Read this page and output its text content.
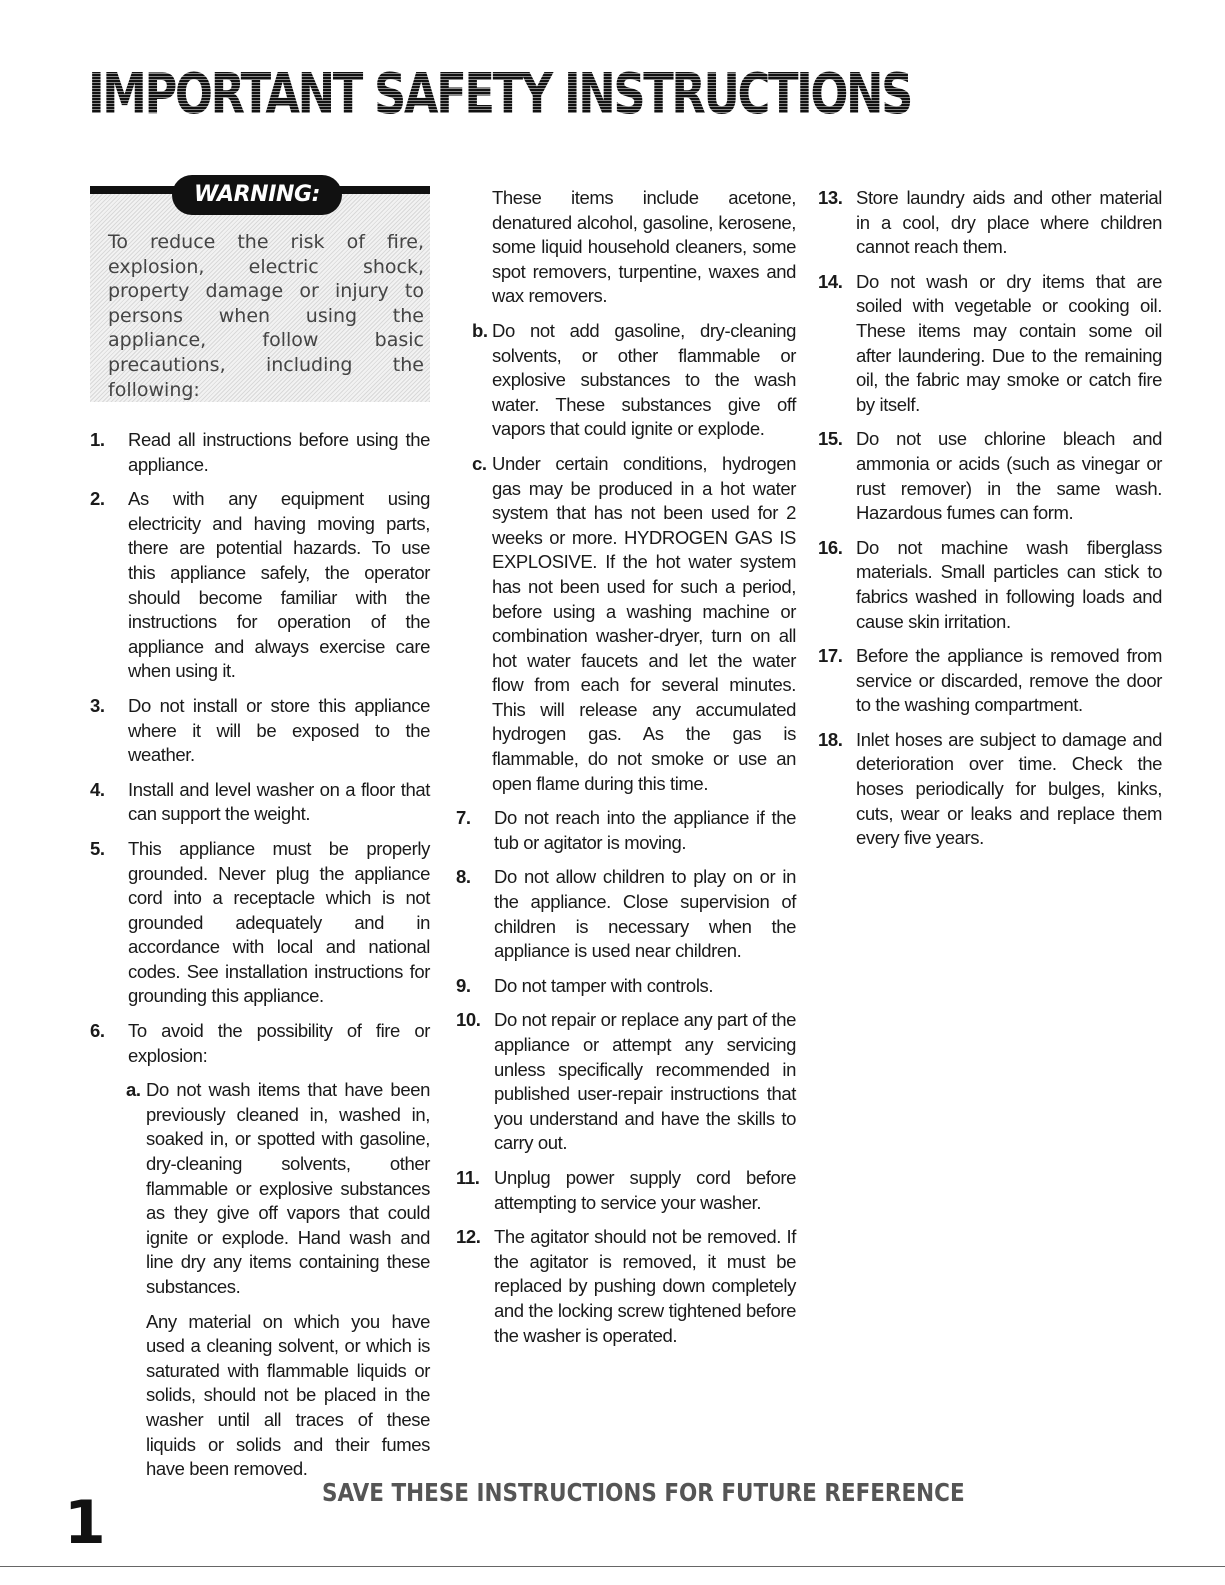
IMPORTANT SAFETY INSTRUCTIONS
WARNING:
To reduce the risk of fire, explosion, electric shock, property damage or injury to persons when using the appliance, follow basic precautions, including the following:
1. Read all instructions before using the appliance.
2. As with any equipment using electricity and having moving parts, there are potential hazards. To use this appliance safely, the operator should become familiar with the instructions for operation of the appliance and always exercise care when using it.
3. Do not install or store this appliance where it will be exposed to the weather.
4. Install and level washer on a floor that can support the weight.
5. This appliance must be properly grounded. Never plug the appliance cord into a receptacle which is not grounded adequately and in accordance with local and national codes. See installation instructions for grounding this appliance.
6. To avoid the possibility of fire or explosion:
a. Do not wash items that have been previously cleaned in, washed in, soaked in, or spotted with gasoline, dry-cleaning solvents, other flammable or explosive substances as they give off vapors that could ignite or explode. Hand wash and line dry any items containing these substances.
Any material on which you have used a cleaning solvent, or which is saturated with flammable liquids or solids, should not be placed in the washer until all traces of these liquids or solids and their fumes have been removed.
These items include acetone, denatured alcohol, gasoline, kerosene, some liquid household cleaners, some spot removers, turpentine, waxes and wax removers.
b. Do not add gasoline, dry-cleaning solvents, or other flammable or explosive substances to the wash water. These substances give off vapors that could ignite or explode.
c. Under certain conditions, hydrogen gas may be produced in a hot water system that has not been used for 2 weeks or more. HYDROGEN GAS IS EXPLOSIVE. If the hot water system has not been used for such a period, before using a washing machine or combination washer-dryer, turn on all hot water faucets and let the water flow from each for several minutes. This will release any accumulated hydrogen gas. As the gas is flammable, do not smoke or use an open flame during this time.
7. Do not reach into the appliance if the tub or agitator is moving.
8. Do not allow children to play on or in the appliance. Close supervision of children is necessary when the appliance is used near children.
9. Do not tamper with controls.
10. Do not repair or replace any part of the appliance or attempt any servicing unless specifically recommended in published user-repair instructions that you understand and have the skills to carry out.
11. Unplug power supply cord before attempting to service your washer.
12. The agitator should not be removed. If the agitator is removed, it must be replaced by pushing down completely and the locking screw tightened before the washer is operated.
13. Store laundry aids and other material in a cool, dry place where children cannot reach them.
14. Do not wash or dry items that are soiled with vegetable or cooking oil. These items may contain some oil after laundering. Due to the remaining oil, the fabric may smoke or catch fire by itself.
15. Do not use chlorine bleach and ammonia or acids (such as vinegar or rust remover) in the same wash. Hazardous fumes can form.
16. Do not machine wash fiberglass materials. Small particles can stick to fabrics washed in following loads and cause skin irritation.
17. Before the appliance is removed from service or discarded, remove the door to the washing compartment.
18. Inlet hoses are subject to damage and deterioration over time. Check the hoses periodically for bulges, kinks, cuts, wear or leaks and replace them every five years.
SAVE THESE INSTRUCTIONS FOR FUTURE REFERENCE
1
